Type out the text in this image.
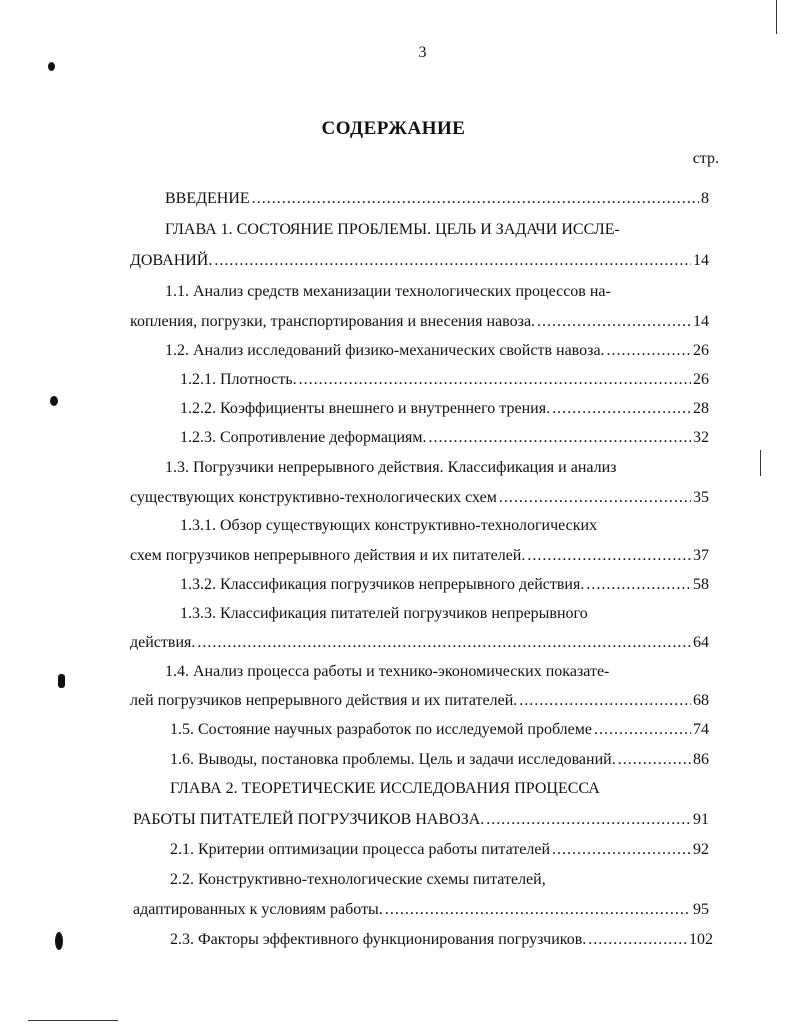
3
СОДЕРЖАНИЕ
стр.
ВВЕДЕНИЕ .....	8
ГЛАВА 1. СОСТОЯНИЕ ПРОБЛЕМЫ. ЦЕЛЬ И ЗАДАЧИ ИССЛЕ-
ДОВАНИЙ. .....	14
1.1. Анализ средств механизации технологических процессов на-
копления, погрузки, транспортирования и внесения навоза. .....	14
1.2. Анализ исследований физико-механических свойств навоза. .....	26
1.2.1. Плотность. .....	26
1.2.2. Коэффициенты внешнего и внутреннего трения. .....	28
1.2.3. Сопротивление деформациям. .....	32
1.3. Погрузчики непрерывного действия. Классификация и анализ
существующих конструктивно-технологических схем .....	35
1.3.1. Обзор существующих конструктивно-технологических
схем погрузчиков непрерывного действия и их питателей. .....	37
1.3.2. Классификация погрузчиков непрерывного действия. .....	58
1.3.3. Классификация питателей погрузчиков непрерывного
действия. .....	64
1.4. Анализ процесса работы и технико-экономических показате-
лей погрузчиков непрерывного действия и их питателей. .....	68
1.5. Состояние научных разработок по исследуемой проблеме .....	74
1.6. Выводы, постановка проблемы. Цель и задачи исследований. .....	86
ГЛАВА 2. ТЕОРЕТИЧЕСКИЕ ИССЛЕДОВАНИЯ ПРОЦЕССА
РАБОТЫ ПИТАТЕЛЕЙ ПОГРУЗЧИКОВ НАВОЗА. .....	91
2.1. Критерии оптимизации процесса работы питателей .....	92
2.2. Конструктивно-технологические схемы питателей,
адаптированных к условиям работы. .....	95
2.3. Факторы эффективного функционирования погрузчиков. .....	102
